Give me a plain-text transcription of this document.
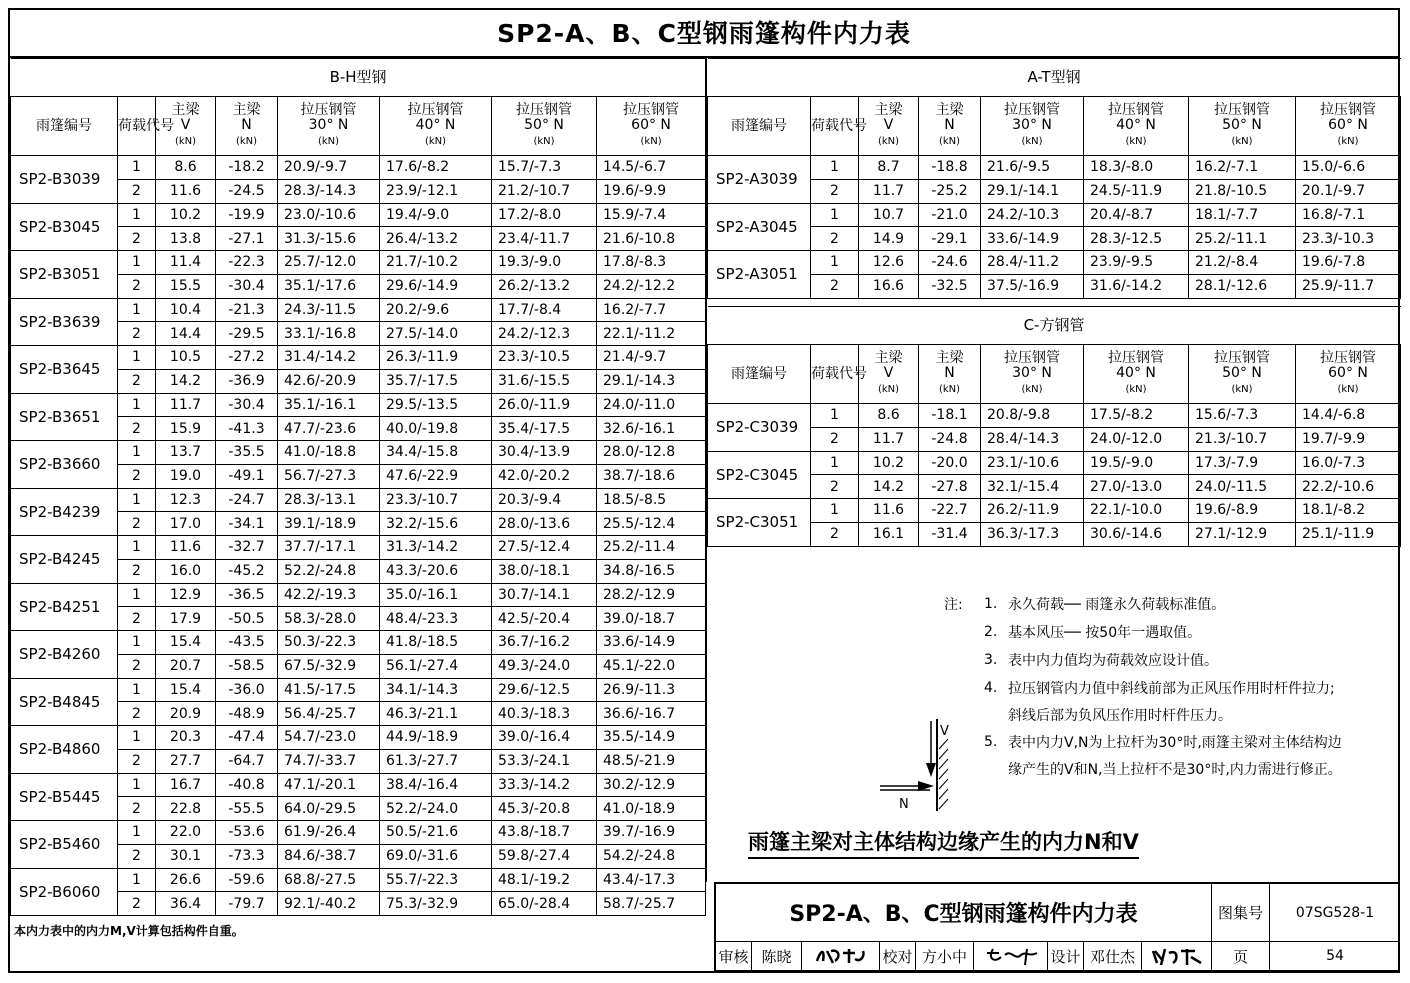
SP2-A、B、C型钢雨篷构件内力表
B-H型钢							
雨篷编号	荷载代号	主梁
V
(kN)	主梁
N
(kN)	拉压钢管
30° N
(kN)	拉压钢管
40° N
(kN)	拉压钢管
50° N
(kN)	拉压钢管
60° N
(kN)
SP2-B3039	1	8.6	-18.2	20.9/-9.7	17.6/-8.2	15.7/-7.3	14.5/-6.7
	2	11.6	-24.5	28.3/-14.3	23.9/-12.1	21.2/-10.7	19.6/-9.9
SP2-B3045	1	10.2	-19.9	23.0/-10.6	19.4/-9.0	17.2/-8.0	15.9/-7.4
	2	13.8	-27.1	31.3/-15.6	26.4/-13.2	23.4/-11.7	21.6/-10.8
SP2-B3051	1	11.4	-22.3	25.7/-12.0	21.7/-10.2	19.3/-9.0	17.8/-8.3
	2	15.5	-30.4	35.1/-17.6	29.6/-14.9	26.2/-13.2	24.2/-12.2
SP2-B3639	1	10.4	-21.3	24.3/-11.5	20.2/-9.6	17.7/-8.4	16.2/-7.7
	2	14.4	-29.5	33.1/-16.8	27.5/-14.0	24.2/-12.3	22.1/-11.2
SP2-B3645	1	10.5	-27.2	31.4/-14.2	26.3/-11.9	23.3/-10.5	21.4/-9.7
	2	14.2	-36.9	42.6/-20.9	35.7/-17.5	31.6/-15.5	29.1/-14.3
SP2-B3651	1	11.7	-30.4	35.1/-16.1	29.5/-13.5	26.0/-11.9	24.0/-11.0
	2	15.9	-41.3	47.7/-23.6	40.0/-19.8	35.4/-17.5	32.6/-16.1
SP2-B3660	1	13.7	-35.5	41.0/-18.8	34.4/-15.8	30.4/-13.9	28.0/-12.8
	2	19.0	-49.1	56.7/-27.3	47.6/-22.9	42.0/-20.2	38.7/-18.6
SP2-B4239	1	12.3	-24.7	28.3/-13.1	23.3/-10.7	20.3/-9.4	18.5/-8.5
	2	17.0	-34.1	39.1/-18.9	32.2/-15.6	28.0/-13.6	25.5/-12.4
SP2-B4245	1	11.6	-32.7	37.7/-17.1	31.3/-14.2	27.5/-12.4	25.2/-11.4
	2	16.0	-45.2	52.2/-24.8	43.3/-20.6	38.0/-18.1	34.8/-16.5
SP2-B4251	1	12.9	-36.5	42.2/-19.3	35.0/-16.1	30.7/-14.1	28.2/-12.9
	2	17.9	-50.5	58.3/-28.0	48.4/-23.3	42.5/-20.4	39.0/-18.7
SP2-B4260	1	15.4	-43.5	50.3/-22.3	41.8/-18.5	36.7/-16.2	33.6/-14.9
	2	20.7	-58.5	67.5/-32.9	56.1/-27.4	49.3/-24.0	45.1/-22.0
SP2-B4845	1	15.4	-36.0	41.5/-17.5	34.1/-14.3	29.6/-12.5	26.9/-11.3
	2	20.9	-48.9	56.4/-25.7	46.3/-21.1	40.3/-18.3	36.6/-16.7
SP2-B4860	1	20.3	-47.4	54.7/-23.0	44.9/-18.9	39.0/-16.4	35.5/-14.9
	2	27.7	-64.7	74.7/-33.7	61.3/-27.7	53.3/-24.1	48.5/-21.9
SP2-B5445	1	16.7	-40.8	47.1/-20.1	38.4/-16.4	33.3/-14.2	30.2/-12.9
	2	22.8	-55.5	64.0/-29.5	52.2/-24.0	45.3/-20.8	41.0/-18.9
SP2-B5460	1	22.0	-53.6	61.9/-26.4	50.5/-21.6	43.8/-18.7	39.7/-16.9
	2	30.1	-73.3	84.6/-38.7	69.0/-31.6	59.8/-27.4	54.2/-24.8
SP2-B6060	1	26.6	-59.6	68.8/-27.5	55.7/-22.3	48.1/-19.2	43.4/-17.3
	2	36.4	-79.7	92.1/-40.2	75.3/-32.9	65.0/-28.4	58.7/-25.7
本内力表中的内力M,V计算包括构件自重。
A-T型钢							
雨篷编号	荷载代号	主梁
V
(kN)	主梁
N
(kN)	拉压钢管
30° N
(kN)	拉压钢管
40° N
(kN)	拉压钢管
50° N
(kN)	拉压钢管
60° N
(kN)
SP2-A3039	1	8.7	-18.8	21.6/-9.5	18.3/-8.0	16.2/-7.1	15.0/-6.6
	2	11.7	-25.2	29.1/-14.1	24.5/-11.9	21.8/-10.5	20.1/-9.7
SP2-A3045	1	10.7	-21.0	24.2/-10.3	20.4/-8.7	18.1/-7.7	16.8/-7.1
	2	14.9	-29.1	33.6/-14.9	28.3/-12.5	25.2/-11.1	23.3/-10.3
SP2-A3051	1	12.6	-24.6	28.4/-11.2	23.9/-9.5	21.2/-8.4	19.6/-7.8
	2	16.6	-32.5	37.5/-16.9	31.6/-14.2	28.1/-12.6	25.9/-11.7
C-方钢管							
雨篷编号	荷载代号	主梁
V
(kN)	主梁
N
(kN)	拉压钢管
30° N
(kN)	拉压钢管
40° N
(kN)	拉压钢管
50° N
(kN)	拉压钢管
60° N
(kN)
SP2-C3039	1	8.6	-18.1	20.8/-9.8	17.5/-8.2	15.6/-7.3	14.4/-6.8
	2	11.7	-24.8	28.4/-14.3	24.0/-12.0	21.3/-10.7	19.7/-9.9
SP2-C3045	1	10.2	-20.0	23.1/-10.6	19.5/-9.0	17.3/-7.9	16.0/-7.3
	2	14.2	-27.8	32.1/-15.4	27.0/-13.0	24.0/-11.5	22.2/-10.6
SP2-C3051	1	11.6	-22.7	26.2/-11.9	22.1/-10.0	19.6/-8.9	18.1/-8.2
	2	16.1	-31.4	36.3/-17.3	30.6/-14.6	27.1/-12.9	25.1/-11.9
注:	1. 永久荷载── 雨篷永久荷载标准值。
2. 基本风压── 按50年一遇取值。
3. 表中内力值均为荷载效应设计值。
4. 拉压钢管内力值中斜线前部为正风压作用时杆件拉力;
斜线后部为负风压作用时杆件压力。
5. 表中内力V,N为上拉杆为30°时,雨篷主梁对主体结构边
缘产生的V和N,当上拉杆不是30°时,内力需进行修正。
V
N
雨篷主梁对主体结构边缘产生的内力N和V
SP2-A、B、C型钢雨篷构件内力表	图集号	07SG528-1
审核 陈晓	校对 方小中	设计 邓仕杰	页	54
